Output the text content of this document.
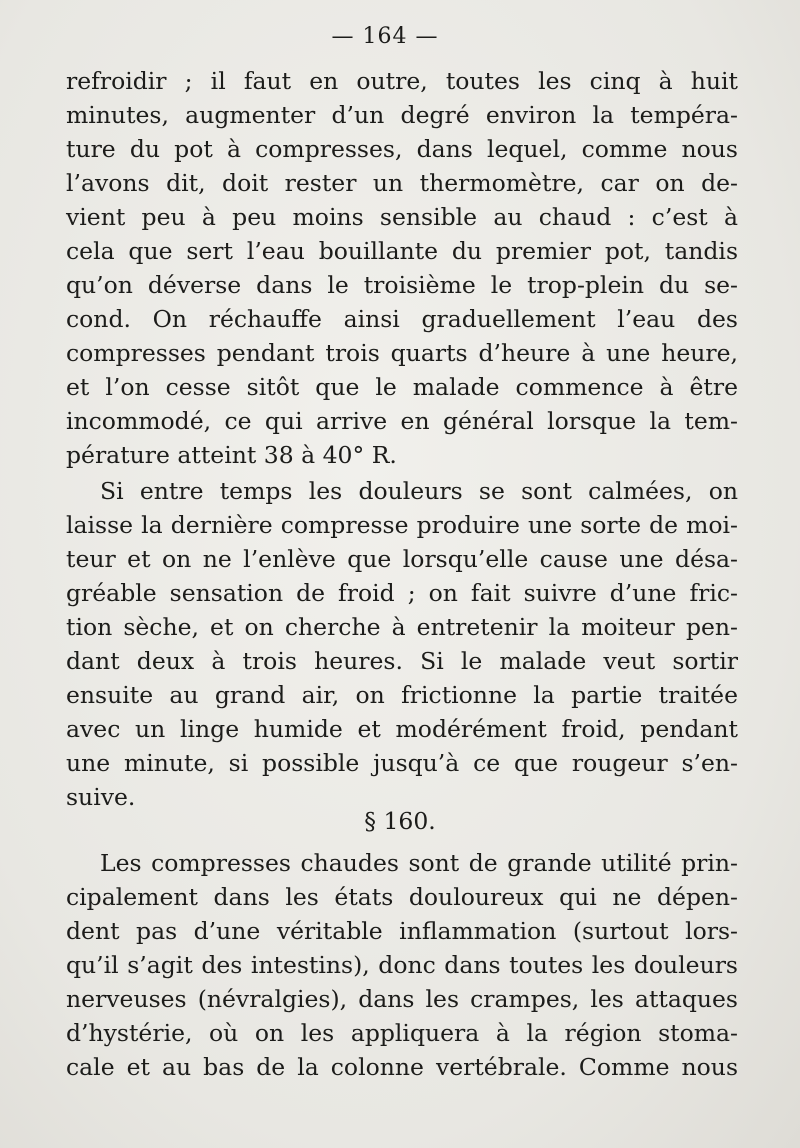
— 164 —
refroidir ; il faut en outre, toutes les cinq à huit
minutes, augmenter d’un degré environ la tempéra-
ture du pot à compresses, dans lequel, comme nous
l’avons dit, doit rester un thermomètre, car on de-
vient peu à peu moins sensible au chaud : c’est à
cela que sert l’eau bouillante du premier pot, tandis
qu’on déverse dans le troisième le trop-plein du se-
cond. On réchauffe ainsi graduellement l’eau des
compresses pendant trois quarts d’heure à une heure,
et l’on cesse sitôt que le malade commence à être
incommodé, ce qui arrive en général lorsque la tem-
pérature atteint 38 à 40° R.
Si entre temps les douleurs se sont calmées, on
laisse la dernière compresse produire une sorte de moi-
teur et on ne l’enlève que lorsqu’elle cause une désa-
gréable sensation de froid ; on fait suivre d’une fric-
tion sèche, et on cherche à entretenir la moiteur pen-
dant deux à trois heures. Si le malade veut sortir
ensuite au grand air, on frictionne la partie traitée
avec un linge humide et modérément froid, pendant
une minute, si possible jusqu’à ce que rougeur s’en-
suive.
§ 160.
Les compresses chaudes sont de grande utilité prin-
cipalement dans les états douloureux qui ne dépen-
dent pas d’une véritable inflammation (surtout lors-
qu’il s’agit des intestins), donc dans toutes les douleurs
nerveuses (névralgies), dans les crampes, les attaques
d’hystérie, où on les appliquera à la région stoma-
cale et au bas de la colonne vertébrale. Comme nous
